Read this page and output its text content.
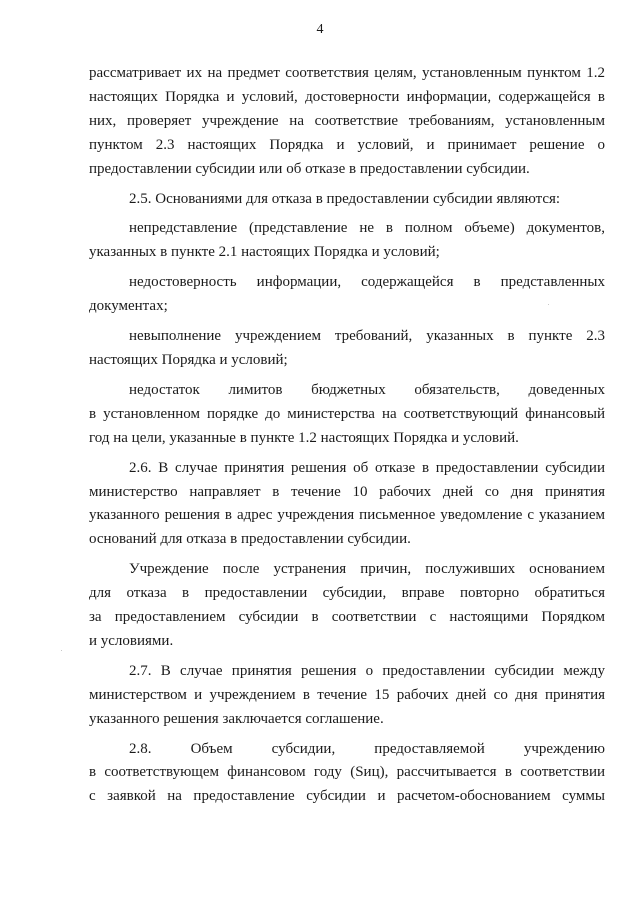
4

рассматривает их на предмет соответствия целям, установленным пунктом 1.2
настоящих Порядка и условий, достоверности информации, содержащейся в
них, проверяет учреждение на соответствие требованиям, установленным
пунктом 2.3 настоящих Порядка и условий, и принимает решение о
предоставлении субсидии или об отказе в предоставлении субсидии.

2.5. Основаниями для отказа в предоставлении субсидии являются:

непредставление (представление не в полном объеме) документов,
указанных в пункте 2.1 настоящих Порядка и условий;

недостоверность информации, содержащейся в представленных
документах;

невыполнение учреждением требований, указанных в пункте 2.3
настоящих Порядка и условий;

недостаток лимитов бюджетных обязательств, доведенных
в установленном порядке до министерства на соответствующий финансовый
год на цели, указанные в пункте 1.2 настоящих Порядка и условий.

2.6. В случае принятия решения об отказе в предоставлении субсидии
министерство направляет в течение 10 рабочих дней со дня принятия
указанного решения в адрес учреждения письменное уведомление с указанием
оснований для отказа в предоставлении субсидии.

Учреждение после устранения причин, послуживших основанием
для отказа в предоставлении субсидии, вправе повторно обратиться
за предоставлением субсидии в соответствии с настоящими Порядком
и условиями.

2.7. В случае принятия решения о предоставлении субсидии между
министерством и учреждением в течение 15 рабочих дней со дня принятия
указанного решения заключается соглашение.

2.8. Объем субсидии, предоставляемой учреждению
в соответствующем финансовом году (Sиц), рассчитывается в соответствии
с заявкой на предоставление субсидии и расчетом-обоснованием суммы
